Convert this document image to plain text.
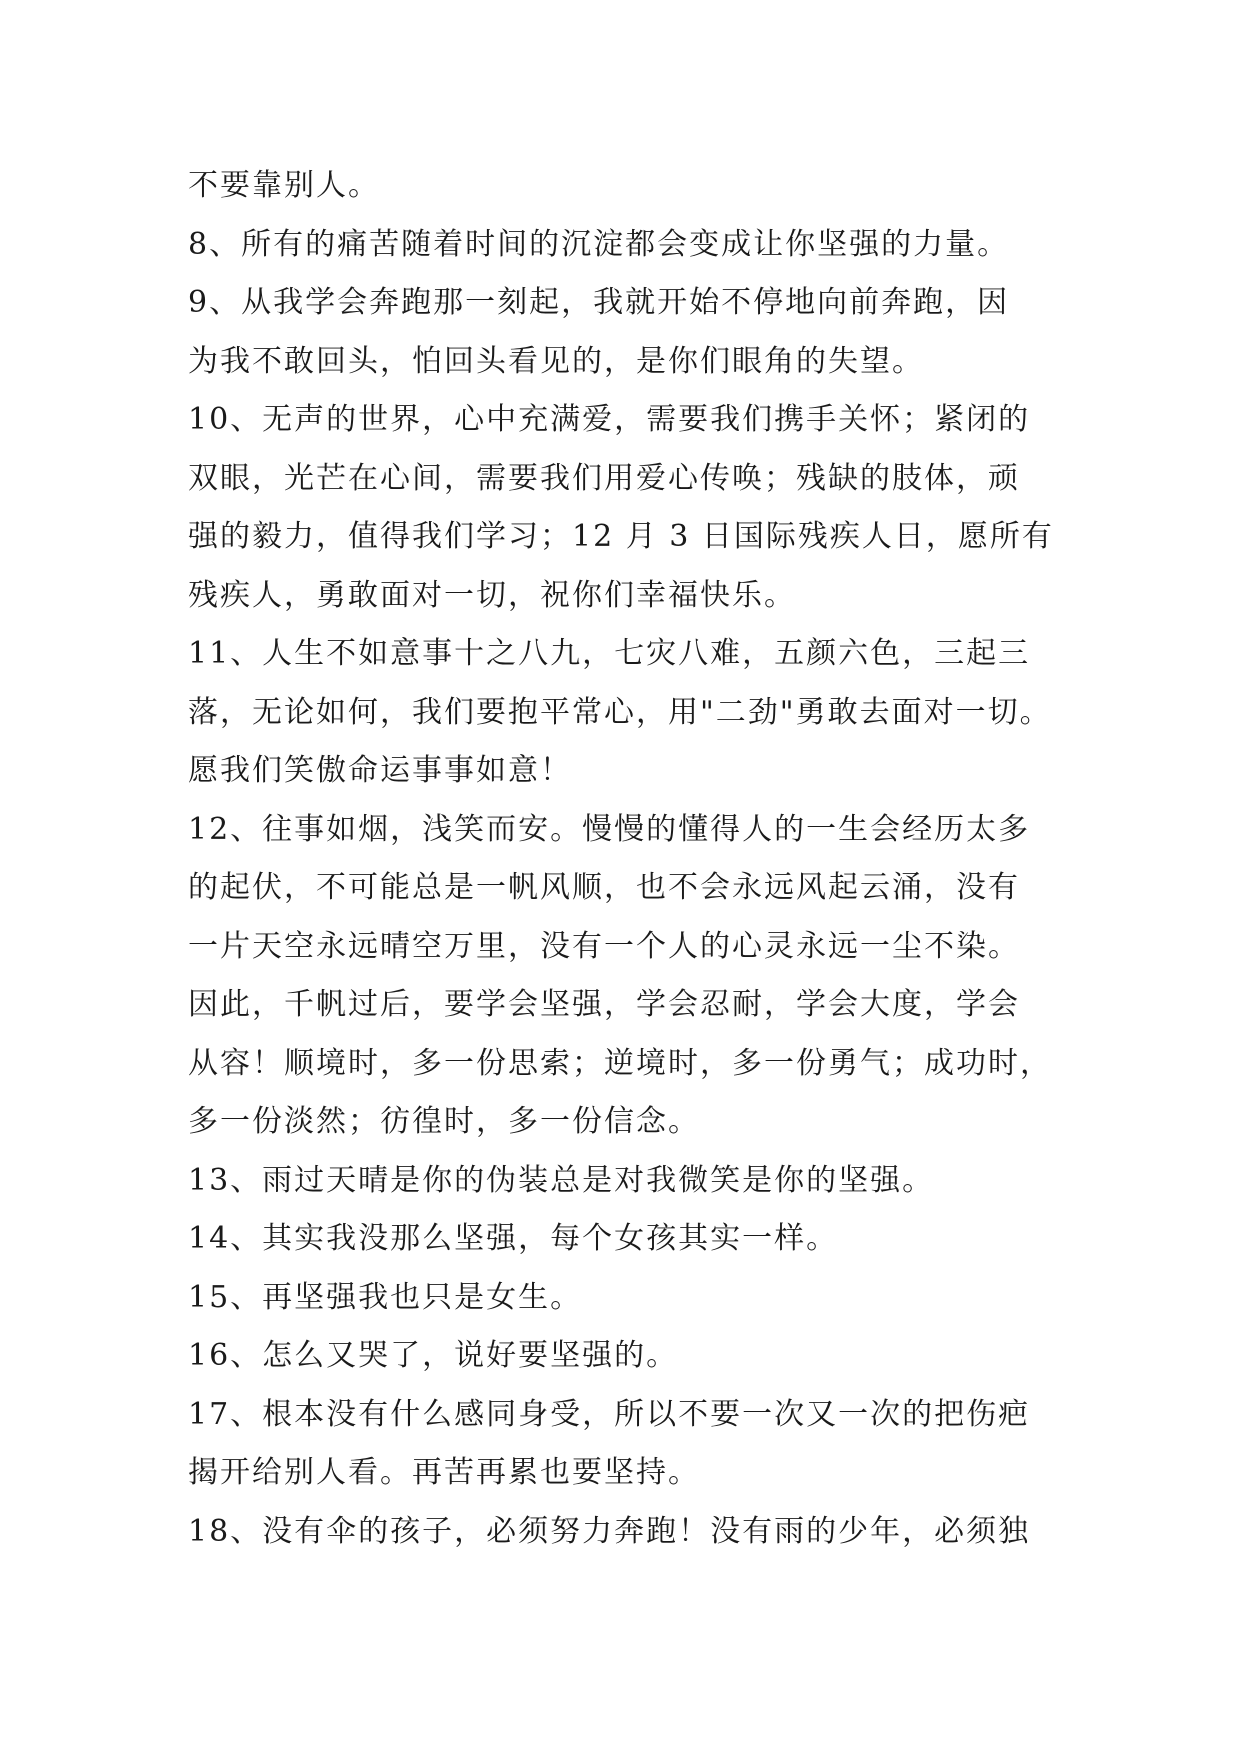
不要靠别人。
8、所有的痛苦随着时间的沉淀都会变成让你坚强的力量。
9、从我学会奔跑那一刻起，我就开始不停地向前奔跑，因
为我不敢回头，怕回头看见的，是你们眼角的失望。
10、无声的世界，心中充满爱，需要我们携手关怀；紧闭的
双眼，光芒在心间，需要我们用爱心传唤；残缺的肢体，顽
强的毅力，值得我们学习；12 月 3 日国际残疾人日，愿所有
残疾人，勇敢面对一切，祝你们幸福快乐。
11、人生不如意事十之八九，七灾八难，五颜六色，三起三
落，无论如何，我们要抱平常心，用"二劲"勇敢去面对一切。
愿我们笑傲命运事事如意！
12、往事如烟，浅笑而安。慢慢的懂得人的一生会经历太多
的起伏，不可能总是一帆风顺，也不会永远风起云涌，没有
一片天空永远晴空万里，没有一个人的心灵永远一尘不染。
因此，千帆过后，要学会坚强，学会忍耐，学会大度，学会
从容！顺境时，多一份思索；逆境时，多一份勇气；成功时，
多一份淡然；彷徨时，多一份信念。
13、雨过天晴是你的伪装总是对我微笑是你的坚强。
14、其实我没那么坚强，每个女孩其实一样。
15、再坚强我也只是女生。
16、怎么又哭了，说好要坚强的。
17、根本没有什么感同身受，所以不要一次又一次的把伤疤
揭开给别人看。再苦再累也要坚持。
18、没有伞的孩子，必须努力奔跑！没有雨的少年，必须独
